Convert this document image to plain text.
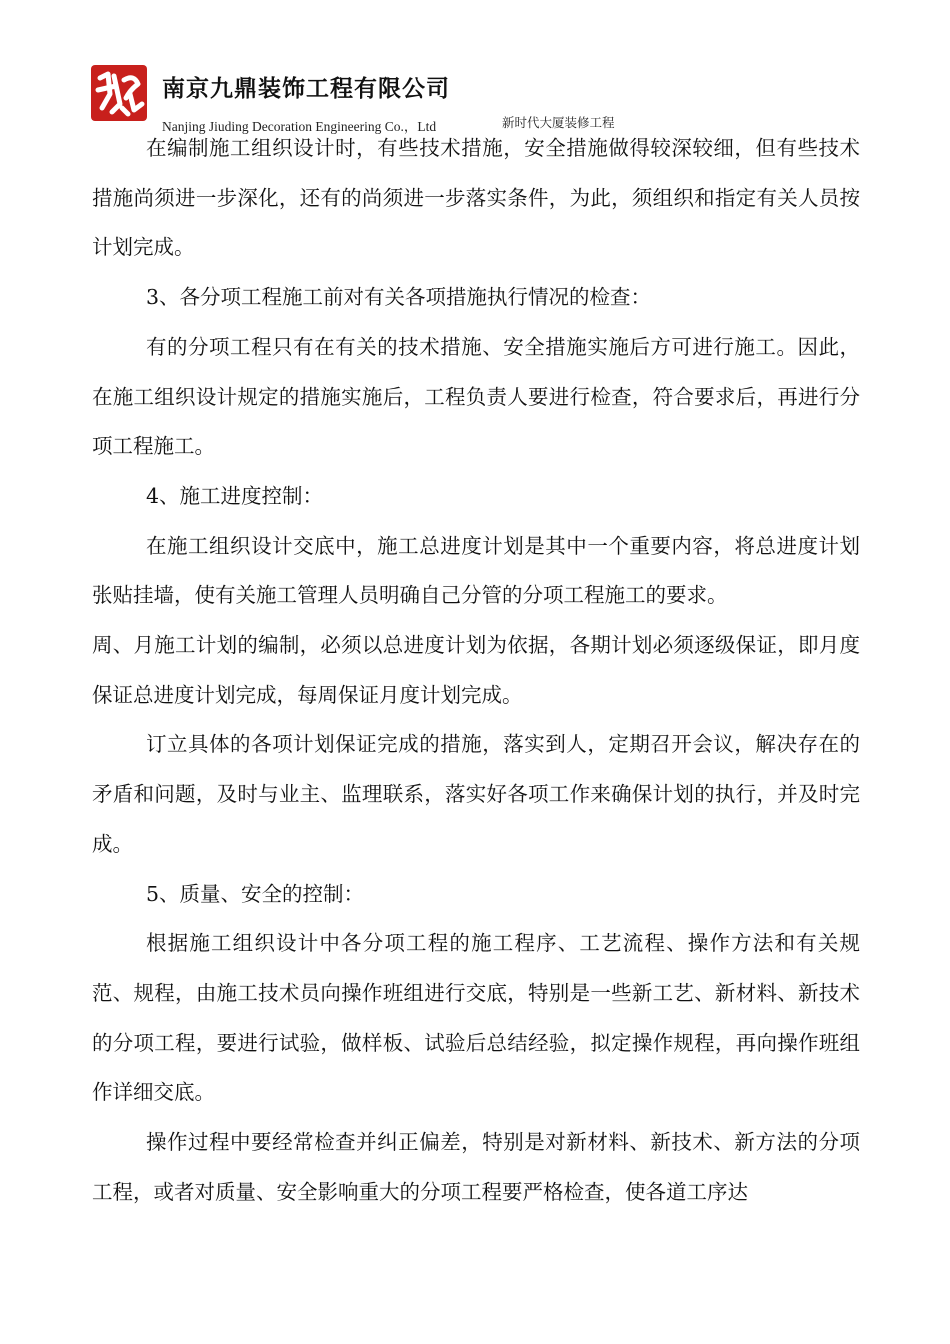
南京九鼎装饰工程有限公司
Nanjing Jiuding Decoration Engineering Co.，Ltd	新时代大厦装修工程

在编制施工组织设计时，有些技术措施，安全措施做得较深较细，但有些技术措施尚须进一步深化，还有的尚须进一步落实条件，为此，须组织和指定有关人员按计划完成。

3、各分项工程施工前对有关各项措施执行情况的检查：

有的分项工程只有在有关的技术措施、安全措施实施后方可进行施工。因此，在施工组织设计规定的措施实施后，工程负责人要进行检查，符合要求后，再进行分项工程施工。

4、施工进度控制：

在施工组织设计交底中，施工总进度计划是其中一个重要内容，将总进度计划张贴挂墙，使有关施工管理人员明确自己分管的分项工程施工的要求。

周、月施工计划的编制，必须以总进度计划为依据，各期计划必须逐级保证，即月度保证总进度计划完成，每周保证月度计划完成。

订立具体的各项计划保证完成的措施，落实到人，定期召开会议，解决存在的矛盾和问题，及时与业主、监理联系，落实好各项工作来确保计划的执行，并及时完成。

5、质量、安全的控制：

根据施工组织设计中各分项工程的施工程序、工艺流程、操作方法和有关规范、规程，由施工技术员向操作班组进行交底，特别是一些新工艺、新材料、新技术的分项工程，要进行试验，做样板、试验后总结经验，拟定操作规程，再向操作班组作详细交底。

操作过程中要经常检查并纠正偏差，特别是对新材料、新技术、新方法的分项工程，或者对质量、安全影响重大的分项工程要严格检查，使各道工序达
